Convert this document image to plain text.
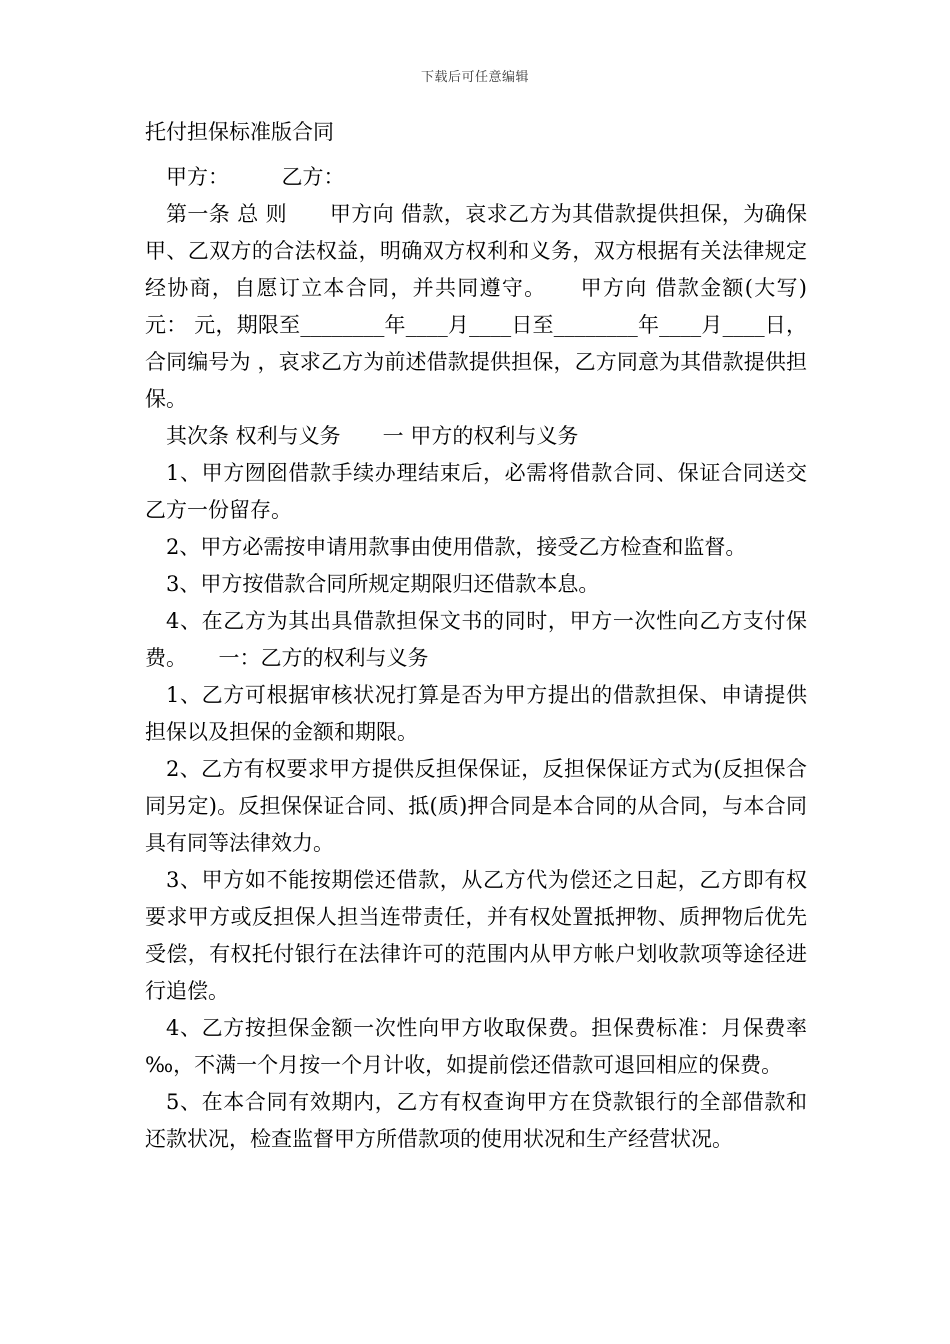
下载后可任意编辑

托付担保标准版合同

甲方：　　　乙方：

第一条 总 则　　甲方向 借款，哀求乙方为其借款提供担保，为确保甲、乙双方的合法权益，明确双方权利和义务，双方根据有关法律规定经协商，自愿订立本合同，并共同遵守。　　甲方向 借款金额(大写) 元： 元，期限至________年____月____日至________年____月____日，合同编号为 ，哀求乙方为前述借款提供担保，乙方同意为其借款提供担保。

其次条 权利与义务　　一 甲方的权利与义务

1、甲方囫囵借款手续办理结束后，必需将借款合同、保证合同送交乙方一份留存。

2、甲方必需按申请用款事由使用借款，接受乙方检查和监督。

3、甲方按借款合同所规定期限归还借款本息。

4、在乙方为其出具借款担保文书的同时，甲方一次性向乙方支付保费。　　一：乙方的权利与义务

1、乙方可根据审核状况打算是否为甲方提出的借款担保、申请提供担保以及担保的金额和期限。

2、乙方有权要求甲方提供反担保保证，反担保保证方式为(反担保合同另定)。反担保保证合同、抵(质)押合同是本合同的从合同，与本合同具有同等法律效力。

3、甲方如不能按期偿还借款，从乙方代为偿还之日起，乙方即有权要求甲方或反担保人担当连带责任，并有权处置抵押物、质押物后优先受偿，有权托付银行在法律许可的范围内从甲方帐户划收款项等途径进行追偿。

4、乙方按担保金额一次性向甲方收取保费。担保费标准：月保费率 ‰，不满一个月按一个月计收，如提前偿还借款可退回相应的保费。

5、在本合同有效期内，乙方有权查询甲方在贷款银行的全部借款和还款状况，检查监督甲方所借款项的使用状况和生产经营状况。
